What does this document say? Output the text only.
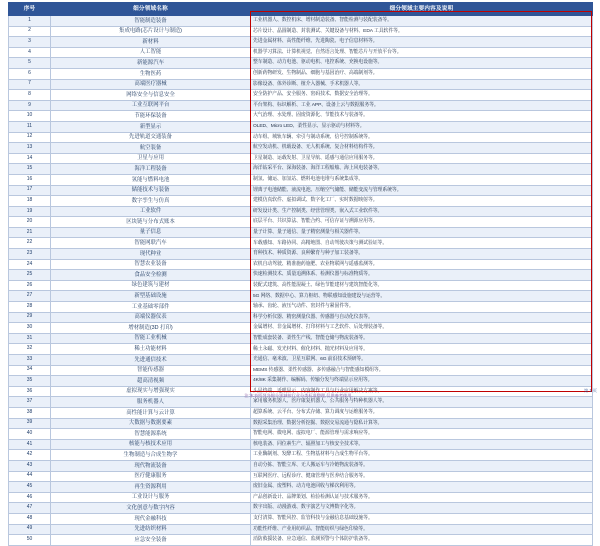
序号	细分领域名称	细分领域主要内容及说明
1	智能制造装备	工业机器人、数控机床、增材制造装备、智能检测与装配装备等。
2	集成电路(芯片设计与制造)	芯片设计、晶圆制造、封装测试、关键设备与材料、EDA 工具软件等。
3	新材料	先进金属材料、高性能纤维、先进陶瓷、电子信息材料等。
4	人工智能	机器学习算法、计算机视觉、自然语言处理、智能芯片与开放平台等。
5	新能源汽车	整车制造、动力电池、驱动电机、电控系统、充换电设施等。
6	生物医药	创新药物研发、生物制品、细胞与基因治疗、高端制剂等。
7	高端医疗器械	影像设备、体外诊断、植介入器械、手术机器人等。
8	网络安全与信息安全	安全防护产品、安全服务、密码技术、数据安全治理等。
9	工业互联网平台	平台架构、标识解析、工业 APP、设备上云与数据服务等。
10	节能环保装备	大气治理、水处理、固废资源化、节能技术与装备等。
11	新型显示	OLED、Micro LED、柔性显示、显示驱动与材料等。
12	先进轨道交通装备	动车组、城轨车辆、牵引与制动系统、信号控制系统等。
13	航空装备	航空发动机、机载设备、无人机系统、复合材料结构件等。
14	卫星与应用	卫星制造、运载发射、卫星导航、遥感与通信应用服务等。
15	海洋工程装备	海洋钻采平台、深海装备、海洋工程船舶、海上风电装备等。
16	氢能与燃料电池	制氢、储运、加氢站、燃料电池电堆与系统集成等。
17	储能技术与装备	锂离子电池储能、液流电池、压缩空气储能、储能变流与管理系统等。
18	数字孪生与仿真	建模仿真软件、虚拟调试、数字化工厂、实时数据映射等。
19	工业软件	研发设计类、生产控制类、经营管理类、嵌入式工业软件等。
20	区块链与分布式账本	底层平台、共识算法、智能合约、可信存证与溯源应用等。
21	量子信息	量子计算、量子通信、量子精密测量与相关器件等。
22	智能网联汽车	车载感知、车路协同、高精地图、自动驾驶决策与测试验证等。
23	现代种业	育种技术、种质资源、良种繁育与种子加工装备等。
24	智慧农业装备	农机自动驾驶、精准施药施肥、农业物联网与遥感监测等。
25	食品安全检测	快速检测技术、质量追溯体系、检测仪器与标准物质等。
26	绿色建筑与建材	装配式建筑、高性能混凝土、绿色节能建材与建筑智能化等。
27	新型基础设施	5G 网络、数据中心、算力枢纽、物联感知设施建设与运营等。
28	工业基础零部件	轴承、齿轮、液压气动件、密封件与紧固件等。
29	高端仪器仪表	科学分析仪器、精密测量仪器、传感器与自动化仪表等。
30	增材制造(3D 打印)	金属增材、非金属增材、打印材料与工艺软件、后处理装备等。
31	智能工业机械	智能成套装备、柔性生产线、智能仓储与物流装备等。
32	稀土功能材料	稀土永磁、发光材料、催化材料、抛光材料及应用等。
33	先进通信技术	光通信、毫米波、卫星互联网、6G 前沿技术预研等。
34	智能传感器	MEMS 传感器、柔性传感器、多传感融合与智能感知模组等。
35	超高清视频	4K/8K 采集制作、编解码、传输分发与终端显示应用等。
36	虚拟现实与增强现实	头显终端、近眼显示、内容制作工具与行业应用解决方案等。
37	服务机器人	家用服务机器人、医疗康复机器人、公共服务与特种机器人等。
38	高性能计算与云计算	超算系统、云平台、分布式存储、算力调度与运维服务等。
39	大数据与数据要素	数据采集治理、数据分析挖掘、数据交易流通与隐私计算等。
40	智慧能源系统	智能电网、微电网、虚拟电厂、能源管理与需求响应等。
41	核能与核技术应用	核电装备、同位素生产、辐照加工与核安全技术等。
42	生物制造与合成生物学	工业酶制剂、发酵工程、生物基材料与合成生物平台等。
43	现代物流装备	自动分拣、智能立库、无人搬运车与冷链物流装备等。
44	医疗健康服务	互联网医疗、远程诊疗、健康管理与医养结合服务等。
45	再生资源利用	废旧金属、废塑料、动力电池回收与梯次利用等。
46	工业设计与服务	产品创新设计、品牌策划、检验检测认证与技术服务等。
47	文化创意与数字内容	数字出版、动漫游戏、数字演艺与文博数字化等。
48	现代金融科技	支付清算、智能风控、监管科技与金融信息基础设施等。
49	先进纺织材料	功能性纤维、产业用纺织品、智能纺织与绿色印染等。
50	应急安全装备	消防救援装备、应急通信、监测预警与个体防护装备等。
注:本表所列各细分领域按行业分类标准整理,仅供参考使用。
第 1 页
